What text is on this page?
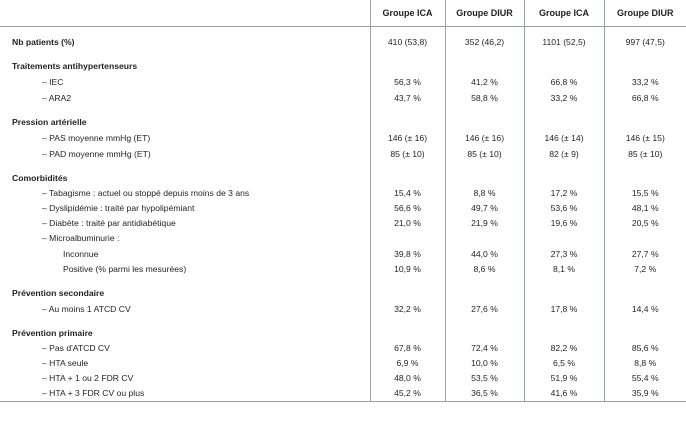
	Groupe ICA	Groupe DIUR	Groupe ICA	Groupe DIUR

Nb patients (%)	410 (53,8)	352 (46,2)	1101 (52,5)	997 (47,5)

Traitements antihypertenseurs				
– IEC	56,3 %	41,2 %	66,8 %	33,2 %
– ARA2	43,7 %	58,8 %	33,2 %	66,8 %

Pression artérielle				
– PAS moyenne mmHg (ET)	146 (± 16)	146 (± 16)	146 (± 14)	146 (± 15)
– PAD moyenne mmHg (ET)	85 (± 10)	85 (± 10)	82 (± 9)	85 (± 10)

Comorbidités				
– Tabagisme : actuel ou stoppé depuis moins de 3 ans	15,4 %	8,8 %	17,2 %	15,5 %
– Dyslipidémie : traité par hypolipémiant	56,6 %	49,7 %	53,6 %	48,1 %
– Diabète : traité par antidiabétique	21,0 %	21,9 %	19,6 %	20,5 %
– Microalbuminurie :				
Inconnue	39,8 %	44,0 %	27,3 %	27,7 %
Positive (% parmi les mesurées)	10,9 %	8,6 %	8,1 %	7,2 %

Prévention secondaire				
– Au moins 1 ATCD CV	32,2 %	27,6 %	17,8 %	14,4 %

Prévention primaire				
– Pas d'ATCD CV	67,8 %	72,4 %	82,2 %	85,6 %
– HTA seule	6,9 %	10,0 %	6,5 %	8,8 %
– HTA + 1 ou 2 FDR CV	48,0 %	53,5 %	51,9 %	55,4 %
– HTA + 3 FDR CV ou plus	45,2 %	36,5 %	41,6 %	35,9 %
